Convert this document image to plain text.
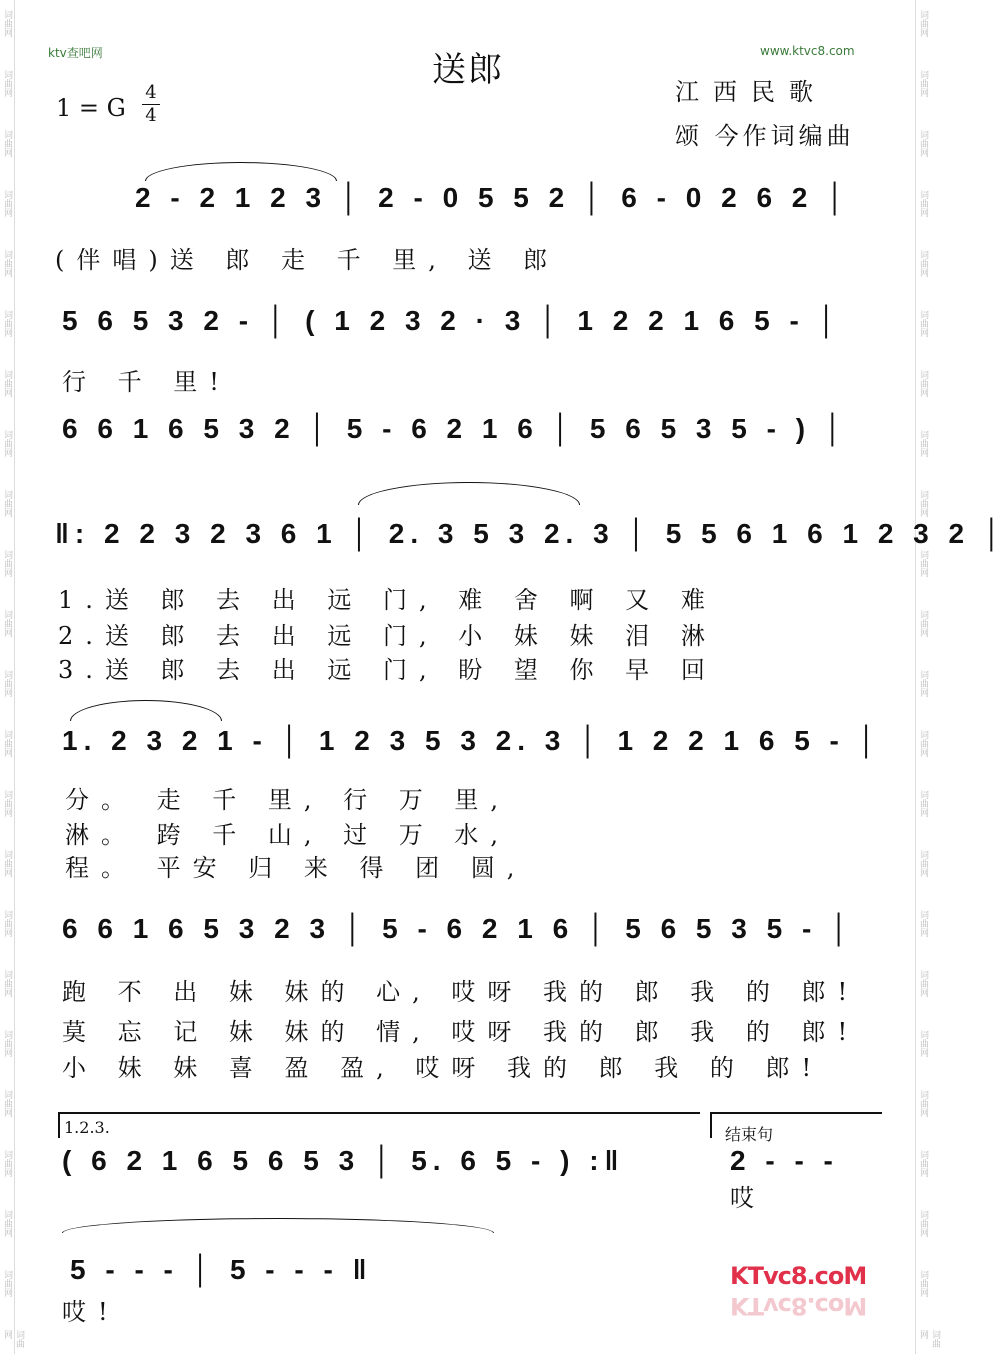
词曲网
词曲网
词曲网
词曲网
词曲网
词曲网
词曲网
词曲网
词曲网
词曲网
词曲网
词曲网
词曲网
词曲网
词曲网
词曲网
词曲网
词曲网
词曲网
词曲网
词曲网
词曲网
词曲网
词曲网
词曲网
词曲网
词曲网
词曲网
词曲网
词曲网
词曲网
词曲网
词曲网
词曲网
词曲网
词曲网
词曲网
词曲网
词曲网
词曲网
词曲网
词曲网
词曲网
词曲网
词曲网
词曲网
ktv查吧网	www.ktvc8.com
送郎
江西民歌
颂 今作词编曲
1 = G
4
4
2 - 2 1 2 3 │ 2 - 0 5 5 2 │ 6 - 0 2 6 2 │
(伴唱)送 郎 走 千 里, 送 郎
5 6 5 3 2 - │ ( 1 2 3 2 · 3 │ 1 2 2 1 6 5 - │
行 千 里!
6 6 1 6 5 3 2 │ 5 - 6 2 1 6 │ 5 6 5 3 5 - ) │
‖: 2 2 3 2 3 6 1 │ 2. 3 5 3 2. 3 │ 5 5 6 1 6 1 2 3 2 │
1.送 郎 去 出 远 门, 难 舍 啊 又 难
2.送 郎 去 出 远 门, 小 妹 妹 泪 淋
3.送 郎 去 出 远 门, 盼 望 你 早 回
1. 2 3 2 1 - │ 1 2 3 5 3 2. 3 │ 1 2 2 1 6 5 - │
分。 走 千 里, 行 万 里,
淋。 跨 千 山, 过 万 水,
程。 平安 归 来 得 团 圆,
6 6 1 6 5 3 2 3 │ 5 - 6 2 1 6 │ 5 6 5 3 5 - │
跑 不 出 妹 妹的 心, 哎呀 我的 郎 我 的 郎!
莫 忘 记 妹 妹的 情, 哎呀 我的 郎 我 的 郎!
小 妹 妹 喜 盈 盈, 哎呀 我的 郎 我 的 郎!
1.2.3.	结束句
( 6 2 1 6 5 6 5 3 │ 5. 6 5 - ) :‖	2 - - -
哎
5 - - - │ 5 - - - ‖
哎!
KTvc8.coM
KTvc8.coM
